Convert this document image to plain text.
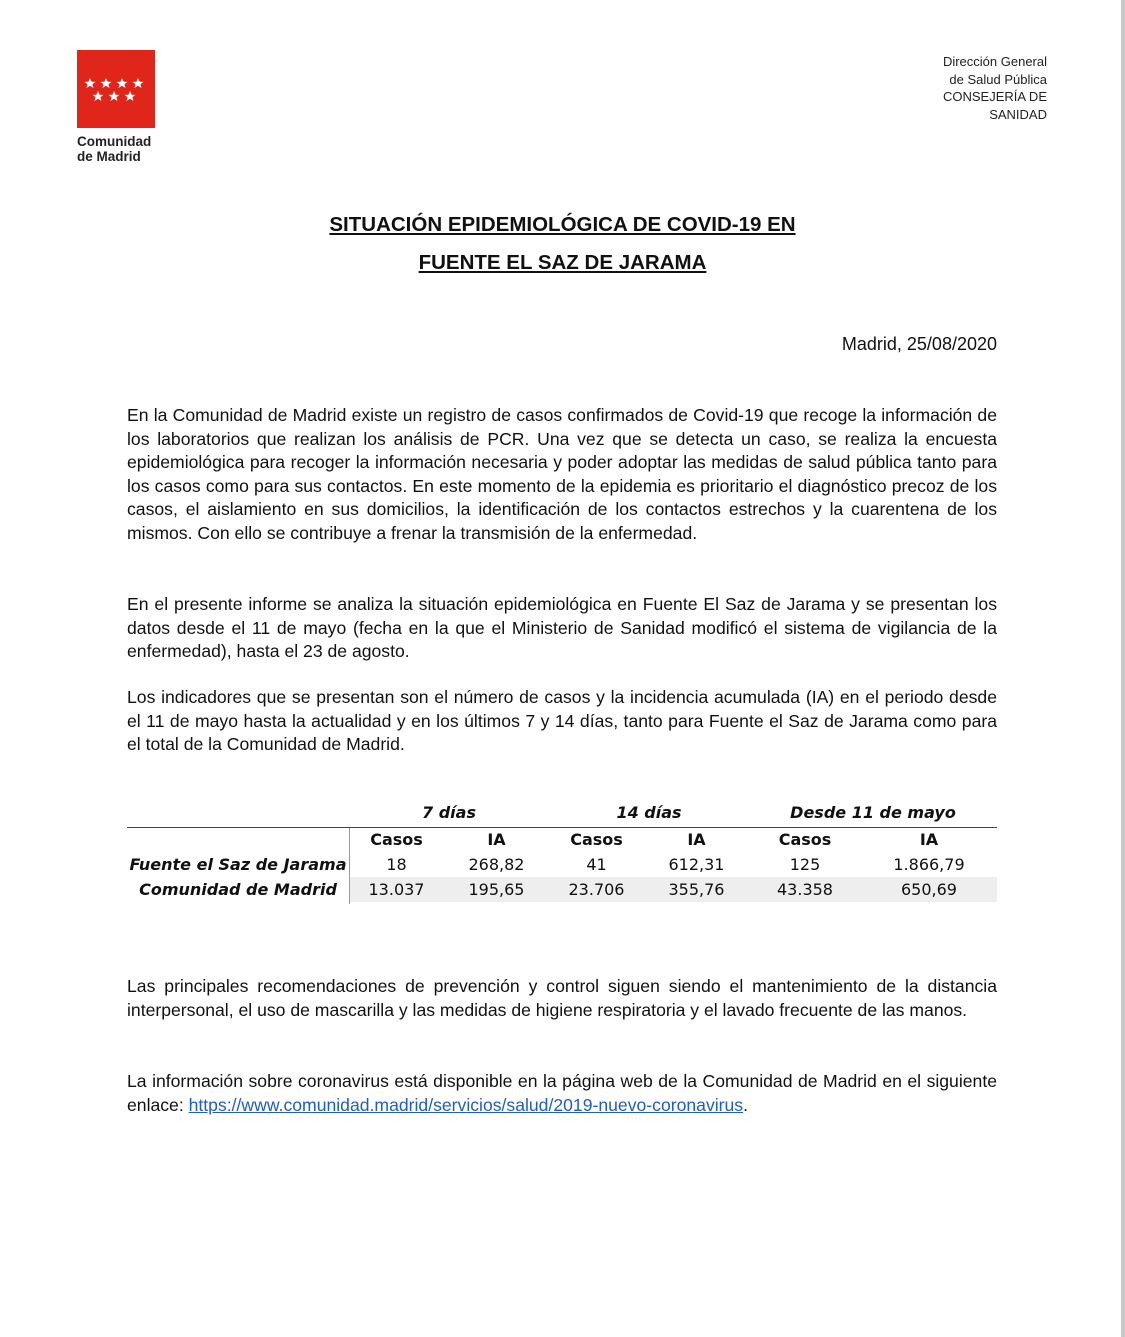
Comunidad
de Madrid
Dirección General
de Salud Pública
CONSEJERÍA DE
SANIDAD
SITUACIÓN EPIDEMIOLÓGICA DE COVID-19 EN
FUENTE EL SAZ DE JARAMA
Madrid, 25/08/2020

En la Comunidad de Madrid existe un registro de casos confirmados de Covid-19 que recoge la información de los laboratorios que realizan los análisis de PCR. Una vez que se detecta un caso, se realiza la encuesta epidemiológica para recoger la información necesaria y poder adoptar las medidas de salud pública tanto para los casos como para sus contactos. En este momento de la epidemia es prioritario el diagnóstico precoz de los casos, el aislamiento en sus domicilios, la identificación de los contactos estrechos y la cuarentena de los mismos. Con ello se contribuye a frenar la transmisión de la enfermedad.

En el presente informe se analiza la situación epidemiológica en Fuente El Saz de Jarama y se presentan los datos desde el 11 de mayo (fecha en la que el Ministerio de Sanidad modificó el sistema de vigilancia de la enfermedad), hasta el 23 de agosto.

Los indicadores que se presentan son el número de casos y la incidencia acumulada (IA) en el periodo desde el 11 de mayo hasta la actualidad y en los últimos 7 y 14 días, tanto para Fuente el Saz de Jarama como para el total de la Comunidad de Madrid.

7 días	14 días	Desde 11 de mayo
Casos	IA	Casos	IA	Casos	IA
Fuente el Saz de Jarama	18	268,82	41	612,31	125	1.866,79
Comunidad de Madrid	13.037	195,65	23.706	355,76	43.358	650,69

Las principales recomendaciones de prevención y control siguen siendo el mantenimiento de la distancia interpersonal, el uso de mascarilla y las medidas de higiene respiratoria y el lavado frecuente de las manos.

La información sobre coronavirus está disponible en la página web de la Comunidad de Madrid en el siguiente enlace: https://www.comunidad.madrid/servicios/salud/2019-nuevo-coronavirus.
